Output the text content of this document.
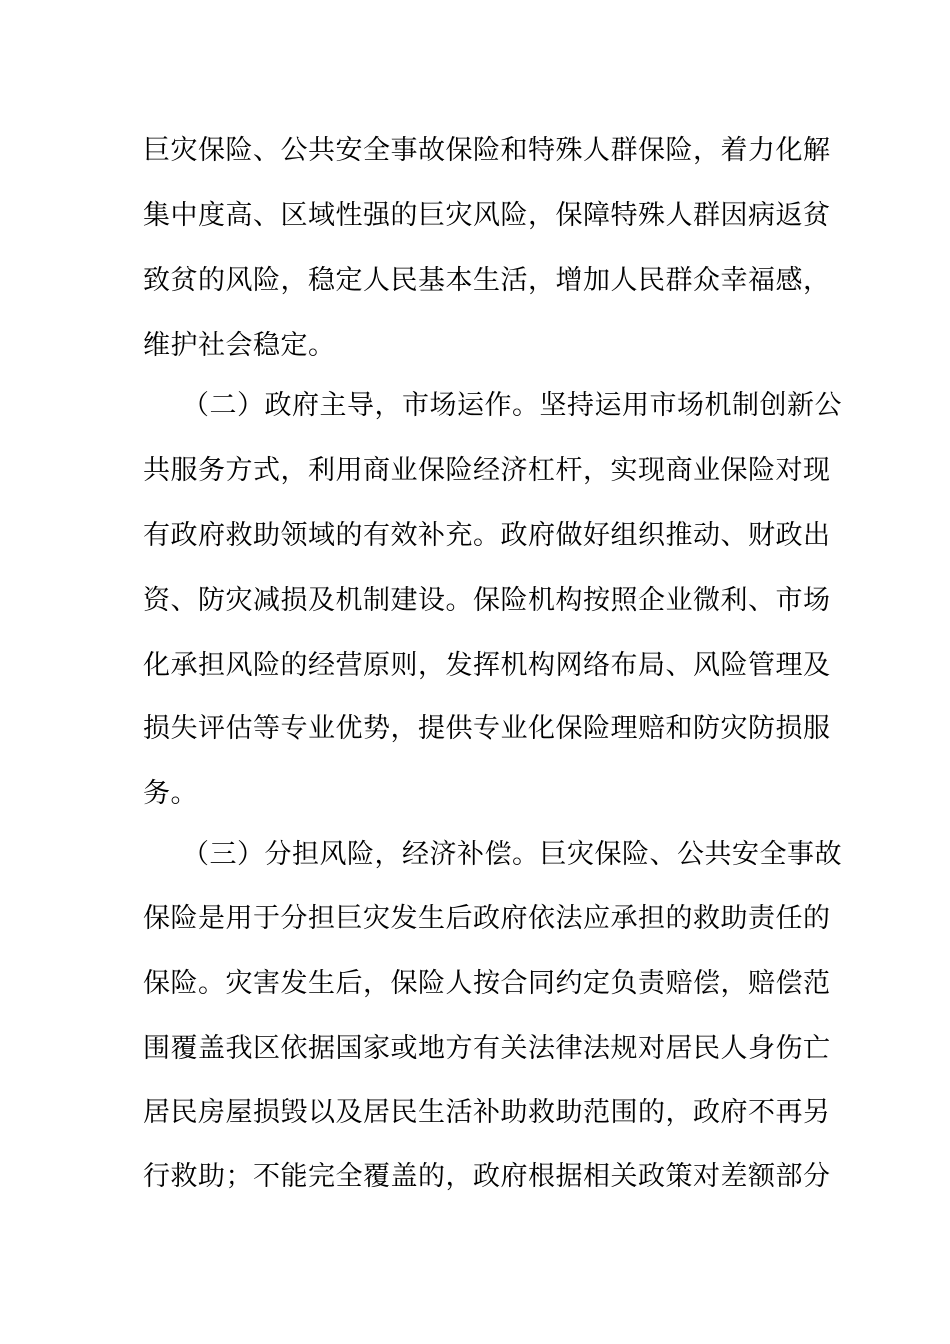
巨灾保险、公共安全事故保险和特殊人群保险，着力化解
集中度高、区域性强的巨灾风险，保障特殊人群因病返贫
致贫的风险，稳定人民基本生活，增加人民群众幸福感，
维护社会稳定。
（二）政府主导，市场运作。坚持运用市场机制创新公
共服务方式，利用商业保险经济杠杆，实现商业保险对现
有政府救助领域的有效补充。政府做好组织推动、财政出
资、防灾减损及机制建设。保险机构按照企业微利、市场
化承担风险的经营原则，发挥机构网络布局、风险管理及
损失评估等专业优势，提供专业化保险理赔和防灾防损服
务。
（三）分担风险，经济补偿。巨灾保险、公共安全事故
保险是用于分担巨灾发生后政府依法应承担的救助责任的
保险。灾害发生后，保险人按合同约定负责赔偿，赔偿范
围覆盖我区依据国家或地方有关法律法规对居民人身伤亡
居民房屋损毁以及居民生活补助救助范围的，政府不再另
行救助；不能完全覆盖的，政府根据相关政策对差额部分
